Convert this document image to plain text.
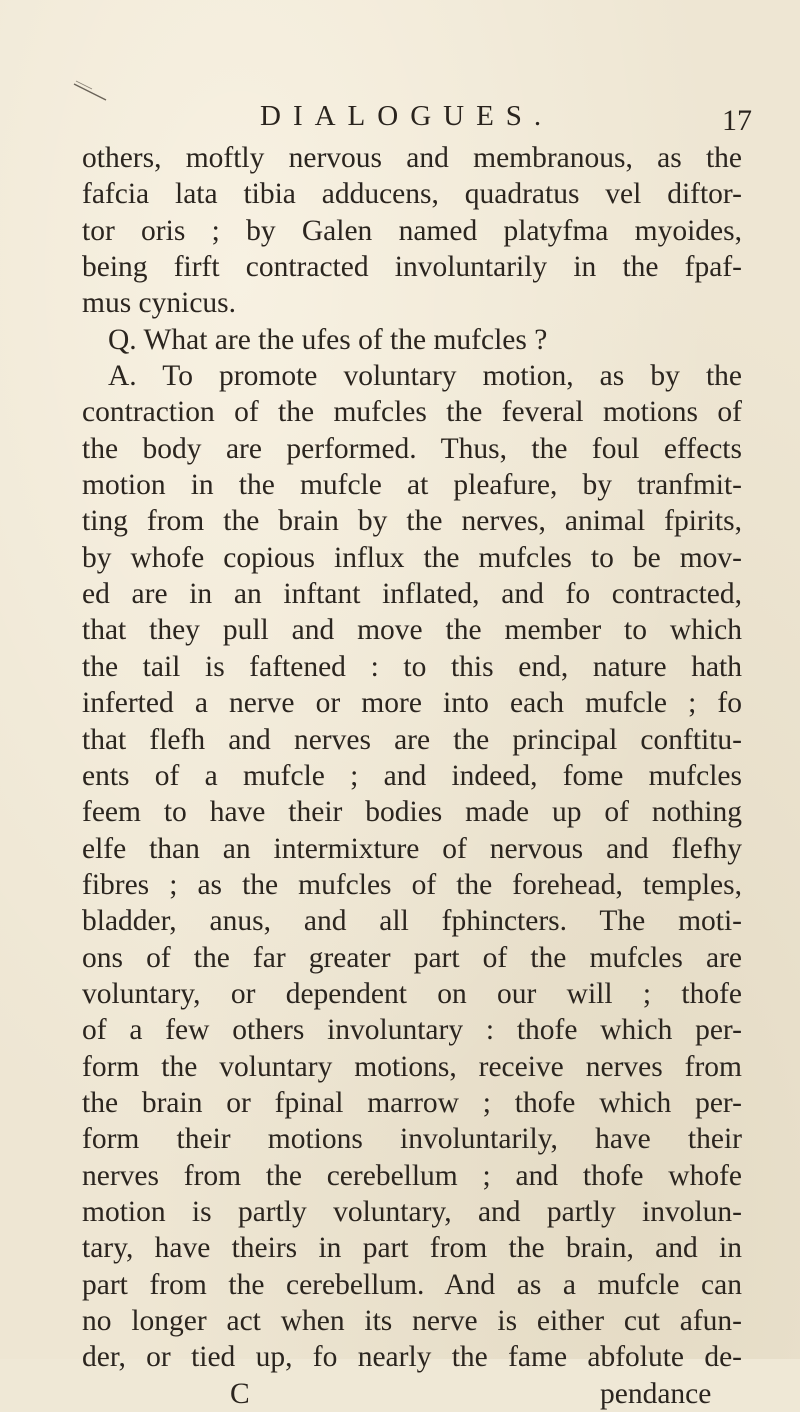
DIALOGUES.	17
others, moftly nervous and membranous, as the
fafcia lata tibia adducens, quadratus vel diftor-
tor oris ; by Galen named platyfma myoides,
being firft contracted involuntarily in the fpaf-
mus cynicus.
Q. What are the ufes of the mufcles ?
A. To promote voluntary motion, as by the
contraction of the mufcles the feveral motions of
the body are performed. Thus, the foul effects
motion in the mufcle at pleafure, by tranfmit-
ting from the brain by the nerves, animal fpirits,
by whofe copious influx the mufcles to be mov-
ed are in an inftant inflated, and fo contracted,
that they pull and move the member to which
the tail is faftened : to this end, nature hath
inferted a nerve or more into each mufcle ; fo
that flefh and nerves are the principal conftitu-
ents of a mufcle ; and indeed, fome mufcles
feem to have their bodies made up of nothing
elfe than an intermixture of nervous and flefhy
fibres ; as the mufcles of the forehead, temples,
bladder, anus, and all fphincters. The moti-
ons of the far greater part of the mufcles are
voluntary, or dependent on our will ; thofe
of a few others involuntary : thofe which per-
form the voluntary motions, receive nerves from
the brain or fpinal marrow ; thofe which per-
form their motions involuntarily, have their
nerves from the cerebellum ; and thofe whofe
motion is partly voluntary, and partly involun-
tary, have theirs in part from the brain, and in
part from the cerebellum. And as a mufcle can
no longer act when its nerve is either cut afun-
der, or tied up, fo nearly the fame abfolute de-
C	pendance
